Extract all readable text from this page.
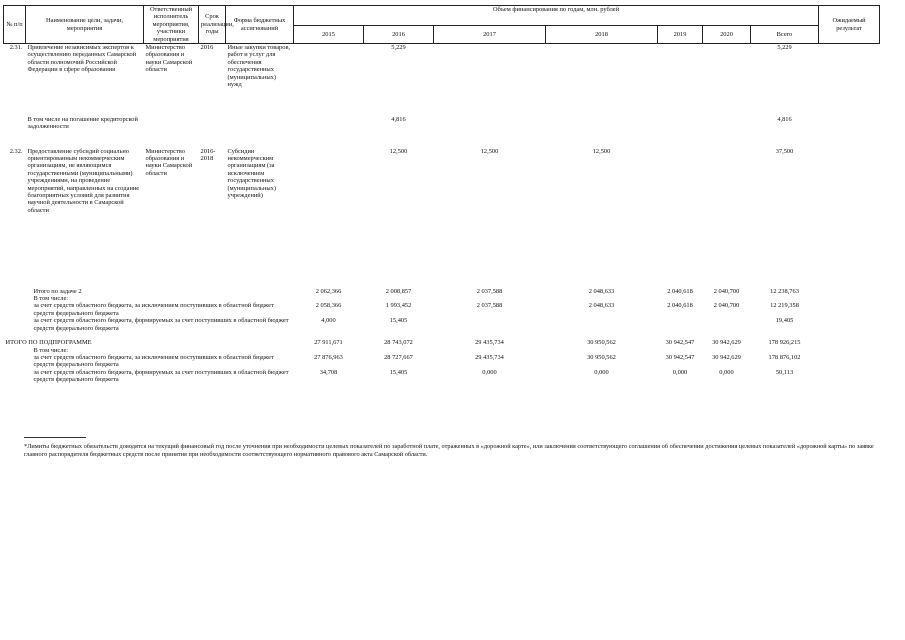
№ п/п	Наименование цели, задачи, мероприятия	Ответственный исполнитель мероприятия, участники мероприятия	Срок реализации, годы	Форма бюджетных ассигнований	Объем финансирования по годам, млн. рублей							Ожидаемый результат
					2015	2016	2017	2018	2019	2020	Всего	
2.31.	Привлечение независимых экспертов к осуществлению переданных Самарской области полномочий Российской Федерации в сфере образования	Министерство образования и науки Самарской области	2016	Иные закупки товаров, работ и услуг для обеспечения государственных (муниципальных) нужд		5,229					5,229	
	В том числе на погашение кредиторской задолженности					4,816					4,816	
2.32.	Предоставление субсидий социально ориентированным некоммерческим организациям, не являющимся государственными (муниципальными) учреждениями, на проведение мероприятий, направленных на создание благоприятных условий для развития научной деятельности в Самарской области	Министерство образования и науки Самарской области	2016-2018	Субсидии некоммерческим организациям (за исключением государственных (муниципальных) учреждений)		12,500	12,500	12,500			37,500	

	Итого по задаче 2				2 062,366	2 008,857	2 037,588	2 048,633	2 040,618	2 040,700	12 238,763	
	В том числе:											
	за счет средств областного бюджета, за исключением поступивших в областной бюджет средств федерального бюджета				2 058,366	1 993,452	2 037,588	2 048,633	2 040,618	2 040,700	12 219,358	
	за счет средств областного бюджета, формируемых за счет поступивших в областной бюджет средств федерального бюджета				4,000	15,405					19,405	
ИТОГО ПО ПОДПРОГРАММЕ					27 911,671	28 743,072	29 435,734	30 950,562	30 942,547	30 942,629	178 926,215	
	В том числе:											
	за счет средств областного бюджета, за исключением поступивших в областной бюджет средств федерального бюджета				27 876,963	28 727,667	29 435,734	30 950,562	30 942,547	30 942,629	178 876,102	
	за счет средств областного бюджета, формируемых за счет поступивших в областной бюджет средств федерального бюджета				34,708	15,405	0,000	0,000	0,000	0,000	50,113	
*Лимиты бюджетных обязательств доводятся на текущий финансовый год после уточнения при необходимости целевых показателей по заработной плате, отраженных в «дорожной карте», или заключения соответствующего соглашения об обеспечении достижения целевых показателей «дорожной карты» по заявке главного распорядителя бюджетных средств после принятия при необходимости соответствующего нормативного правового акта Самарской области.
